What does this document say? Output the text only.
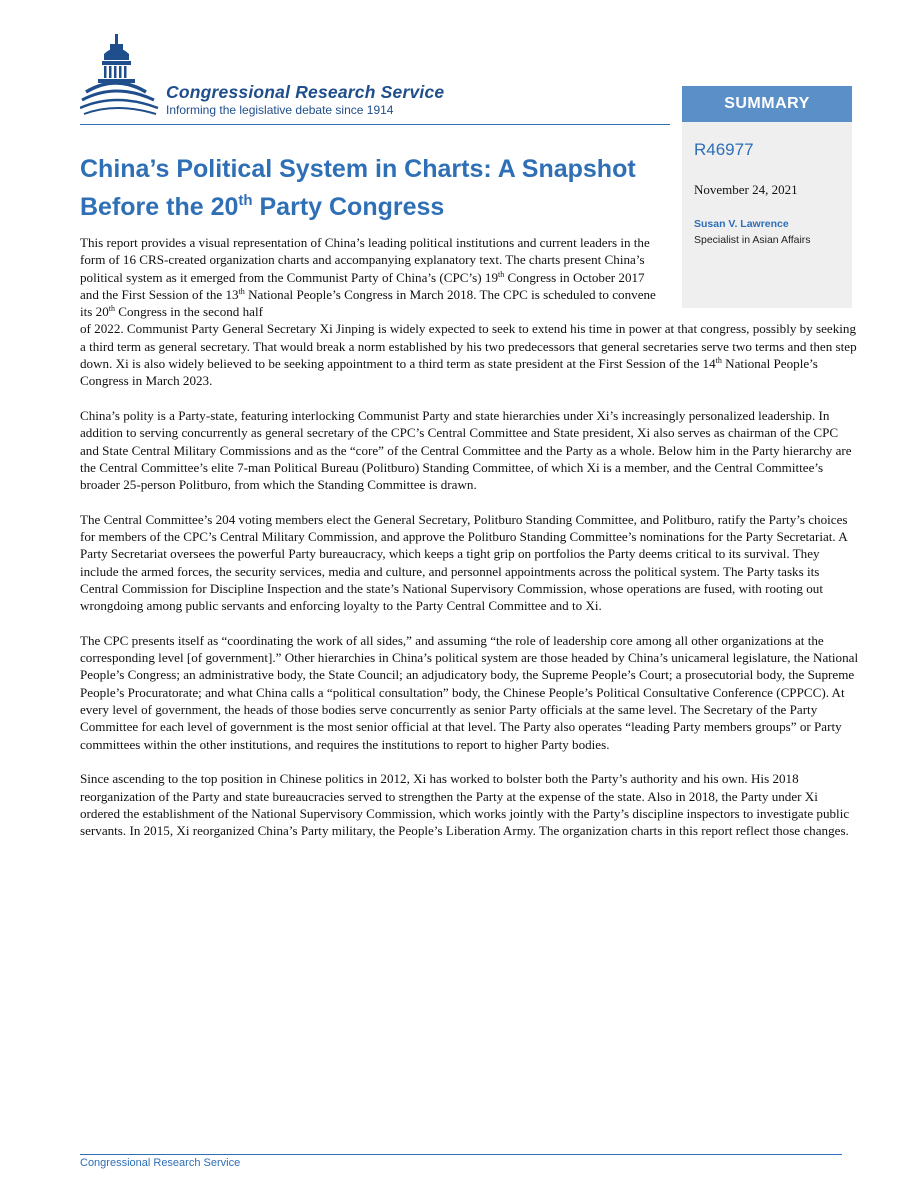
Congressional Research Service
Informing the legislative debate since 1914	SUMMARY
R46977
November 24, 2021
Susan V. Lawrence
Specialist in Asian Affairs
China’s Political System in Charts: A Snapshot
Before the 20th Party Congress

This report provides a visual representation of China’s leading political institutions and current leaders in the form of 16 CRS-created organization charts and accompanying explanatory text. The charts present China’s political system as it emerged from the Communist Party of China’s (CPC’s) 19th Congress in October 2017 and the First Session of the 13th National People’s Congress in March 2018. The CPC is scheduled to convene its 20th Congress in the second half
of 2022. Communist Party General Secretary Xi Jinping is widely expected to seek to extend his time in power at that congress, possibly by seeking a third term as general secretary. That would break a norm established by his two predecessors that general secretaries serve two terms and then step down. Xi is also widely believed to be seeking appointment to a third term as state president at the First Session of the 14th National People’s Congress in March 2023.

China’s polity is a Party-state, featuring interlocking Communist Party and state hierarchies under Xi’s increasingly personalized leadership. In addition to serving concurrently as general secretary of the CPC’s Central Committee and State president, Xi also serves as chairman of the CPC and State Central Military Commissions and as the “core” of the Central Committee and the Party as a whole. Below him in the Party hierarchy are the Central Committee’s elite 7-man Political Bureau (Politburo) Standing Committee, of which Xi is a member, and the Central Committee’s broader 25-person Politburo, from which the Standing Committee is drawn.

The Central Committee’s 204 voting members elect the General Secretary, Politburo Standing Committee, and Politburo, ratify the Party’s choices for members of the CPC’s Central Military Commission, and approve the Politburo Standing Committee’s nominations for the Party Secretariat. A Party Secretariat oversees the powerful Party bureaucracy, which keeps a tight grip on portfolios the Party deems critical to its survival. They include the armed forces, the security services, media and culture, and personnel appointments across the political system. The Party tasks its Central Commission for Discipline Inspection and the state’s National Supervisory Commission, whose operations are fused, with rooting out wrongdoing among public servants and enforcing loyalty to the Party Central Committee and to Xi.

The CPC presents itself as “coordinating the work of all sides,” and assuming “the role of leadership core among all other organizations at the corresponding level [of government].” Other hierarchies in China’s political system are those headed by China’s unicameral legislature, the National People’s Congress; an administrative body, the State Council; an adjudicatory body, the Supreme People’s Court; a prosecutorial body, the Supreme People’s Procuratorate; and what China calls a “political consultation” body, the Chinese People’s Political Consultative Conference (CPPCC). At every level of government, the heads of those bodies serve concurrently as senior Party officials at the same level. The Secretary of the Party Committee for each level of government is the most senior official at that level. The Party also operates “leading Party members groups” or Party committees within the other institutions, and requires the institutions to report to higher Party bodies.

Since ascending to the top position in Chinese politics in 2012, Xi has worked to bolster both the Party’s authority and his own. His 2018 reorganization of the Party and state bureaucracies served to strengthen the Party at the expense of the state. Also in 2018, the Party under Xi ordered the establishment of the National Supervisory Commission, which works jointly with the Party’s discipline inspectors to investigate public servants. In 2015, Xi reorganized China’s Party military, the People’s Liberation Army. The organization charts in this report reflect those changes.

Congressional Research Service
